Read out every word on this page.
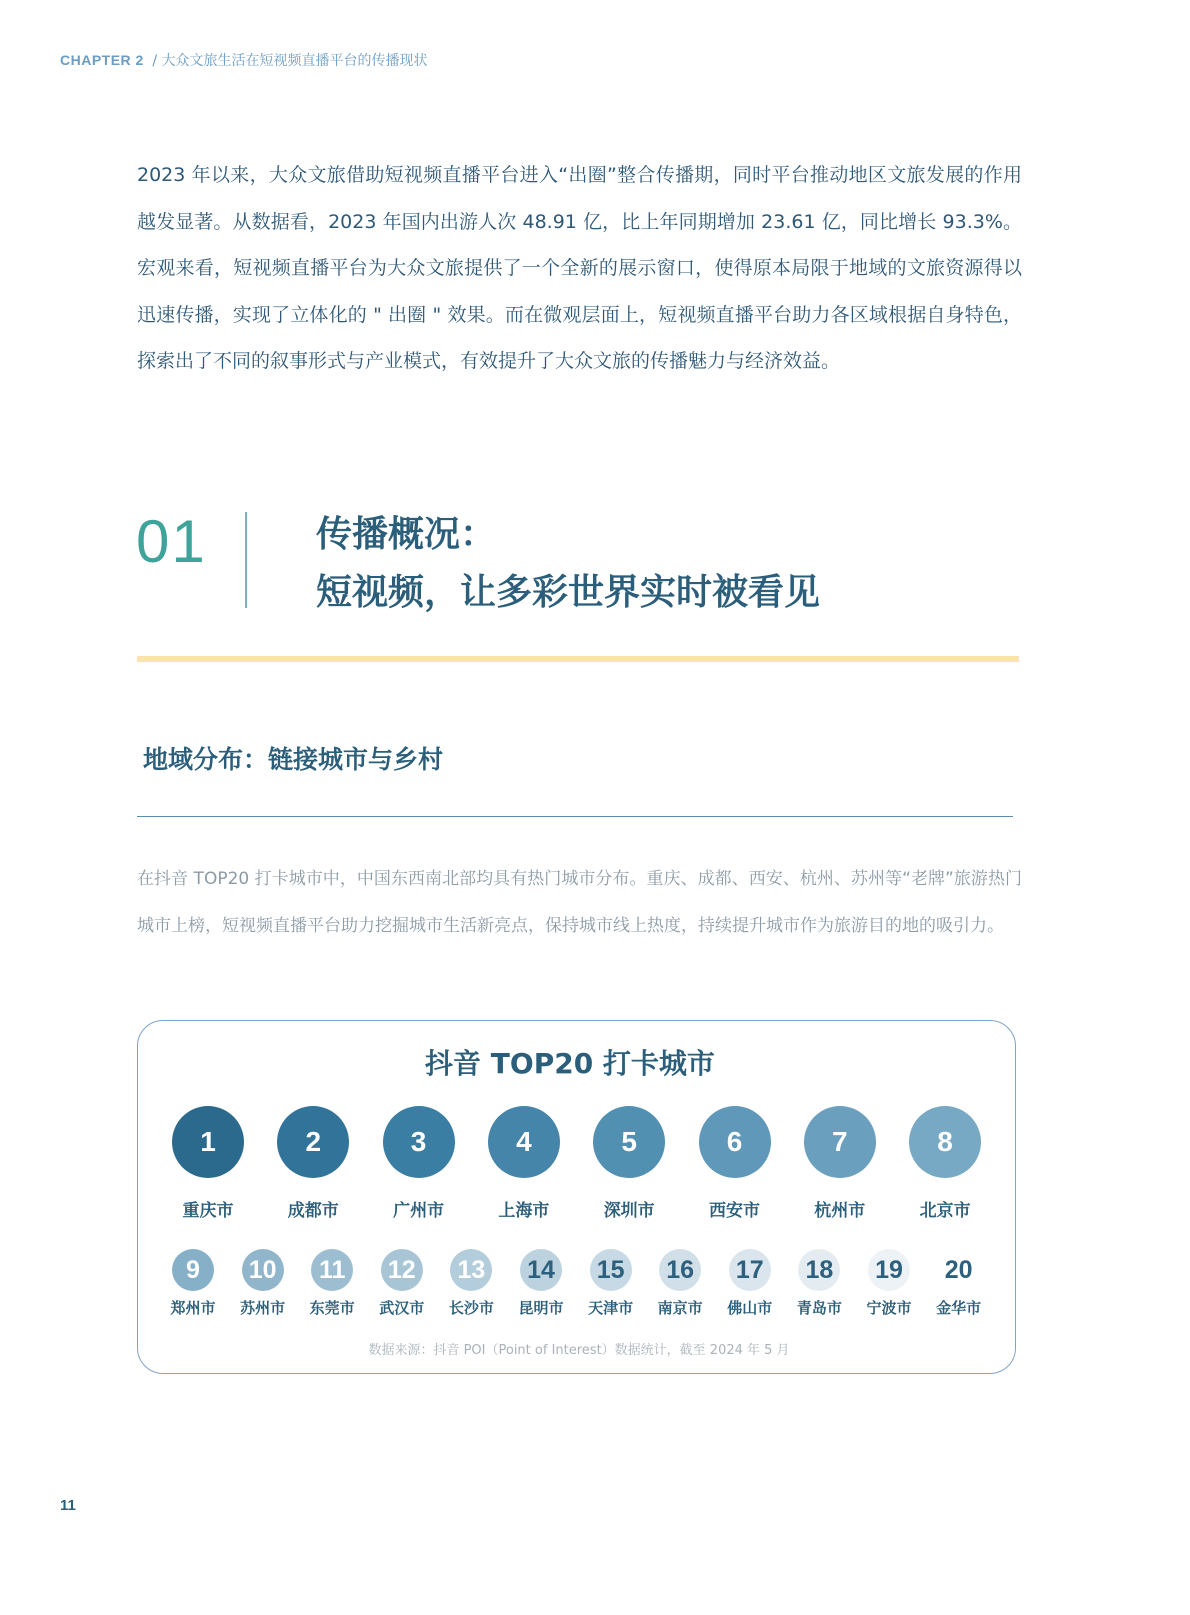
CHAPTER 2 / 大众文旅生活在短视频直播平台的传播现状

2023 年以来，大众文旅借助短视频直播平台进入“出圈”整合传播期，同时平台推动地区文旅发展的作用越发显著。从数据看，2023 年国内出游人次 48.91 亿，比上年同期增加 23.61 亿，同比增长 93.3%。宏观来看，短视频直播平台为大众文旅提供了一个全新的展示窗口，使得原本局限于地域的文旅资源得以迅速传播，实现了立体化的 " 出圈 " 效果。而在微观层面上，短视频直播平台助力各区域根据自身特色，探索出了不同的叙事形式与产业模式，有效提升了大众文旅的传播魅力与经济效益。

01	传播概况：
短视频，让多彩世界实时被看见
地域分布：链接城市与乡村

在抖音 TOP20 打卡城市中，中国东西南北部均具有热门城市分布。重庆、成都、西安、杭州、苏州等“老牌”旅游热门城市上榜，短视频直播平台助力挖掘城市生活新亮点，保持城市线上热度，持续提升城市作为旅游目的地的吸引力。

抖音 TOP20 打卡城市
1
重庆市
2
成都市
3
广州市
4
上海市
5
深圳市
6
西安市
7
杭州市
8
北京市
9
郑州市
10
苏州市
11
东莞市
12
武汉市
13
长沙市
14
昆明市
15
天津市
16
南京市
17
佛山市
18
青岛市
19
宁波市
20
金华市
数据来源：抖音 POI（Point of Interest）数据统计，截至 2024 年 5 月
11
